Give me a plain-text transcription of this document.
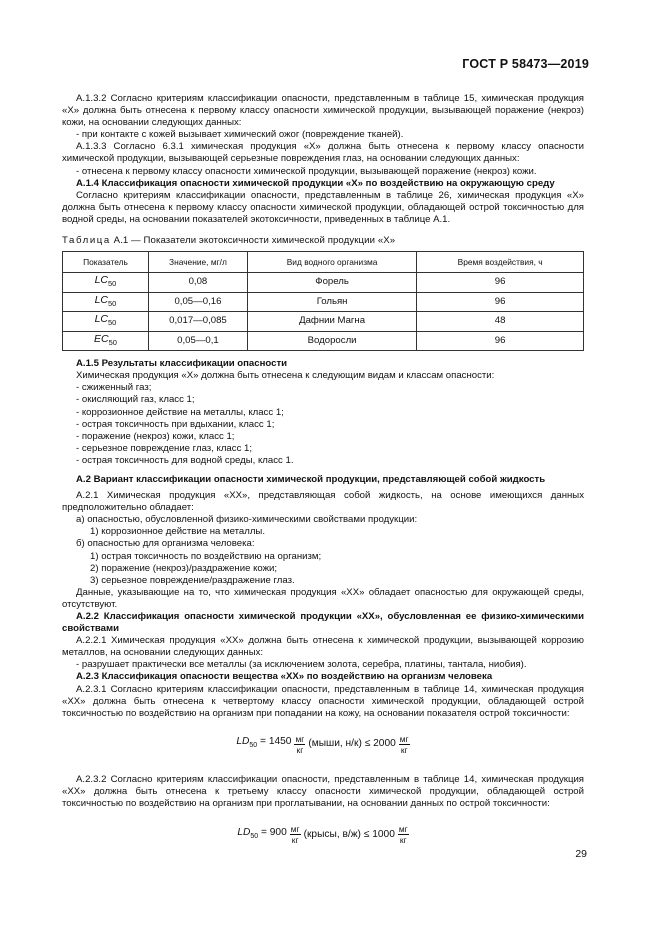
ГОСТ Р 58473—2019

А.1.3.2 Согласно критериям классификации опасности, представленным в таблице 15, химическая продукция «X» должна быть отнесена к первому классу опасности химической продукции, вызывающей поражение (некроз) кожи, на основании следующих данных:

- при контакте с кожей вызывает химический ожог (повреждение тканей).

А.1.3.3 Согласно 6.3.1 химическая продукция «X» должна быть отнесена к первому классу опасности химической продукции, вызывающей серьезные повреждения глаз, на основании следующих данных:

- отнесена к первому классу опасности химической продукции, вызывающей поражение (некроз) кожи.

А.1.4 Классификация опасности химической продукции «X» по воздействию на окружающую среду

Согласно критериям классификации опасности, представленным в таблице 26, химическая продукция «X» должна быть отнесена к первому классу опасности химической продукции, обладающей острой токсичностью для водной среды, на основании показателей экотоксичности, приведенных в таблице А.1.

Таблица А.1 — Показатели экотоксичности химической продукции «X»

Показатель	Значение, мг/л	Вид водного организма	Время воздействия, ч
$LC_{50}$	0,08	Форель	96
$LC_{50}$	0,05—0,16	Гольян	96
$LC_{50}$	0,017—0,085	Дафнии Магна	48
$EC_{50}$	0,05—0,1	Водоросли	96

А.1.5 Результаты классификации опасности

Химическая продукция «X» должна быть отнесена к следующим видам и классам опасности:

- сжиженный газ;

- окисляющий газ, класс 1;

- коррозионное действие на металлы, класс 1;

- острая токсичность при вдыхании, класс 1;

- поражение (некроз) кожи, класс 1;

- серьезное повреждение глаз, класс 1;

- острая токсичность для водной среды, класс 1.

А.2 Вариант классификации опасности химической продукции, представляющей собой жидкость

А.2.1 Химическая продукция «XX», представляющая собой жидкость, на основе имеющихся данных предположительно обладает:

а) опасностью, обусловленной физико-химическими свойствами продукции:

1) коррозионное действие на металлы.

б) опасностью для организма человека:

1) острая токсичность по воздействию на организм;

2) поражение (некроз)/раздражение кожи;

3) серьезное повреждение/раздражение глаз.

Данные, указывающие на то, что химическая продукция «XX» обладает опасностью для окружающей среды, отсутствуют.

А.2.2 Классификация опасности химической продукции «XX», обусловленная ее физико-химическими свойствами

А.2.2.1 Химическая продукция «XX» должна быть отнесена к химической продукции, вызывающей коррозию металлов, на основании следующих данных:

- разрушает практически все металлы (за исключением золота, серебра, платины, тантала, ниобия).

А.2.3 Классификация опасности вещества «XX» по воздействию на организм человека

А.2.3.1 Согласно критериям классификации опасности, представленным в таблице 14, химическая продукция «XX» должна быть отнесена к четвертому классу опасности химической продукции, обладающей острой токсичностью по воздействию на организм при попадании на кожу, на основании показателя острой токсичности:

$LD_{50} = 1450 \frac{мг}{кг}$ (мыши, $н/к) \le 2000 \frac{мг}{кг}$

А.2.3.2 Согласно критериям классификации опасности, представленным в таблице 14, химическая продукция «XX» должна быть отнесена к третьему классу опасности химической продукции, обладающей острой токсичностью по воздействию на организм при проглатывании, на основании данных по острой токсичности:

$LD_{50} = 900 \frac{мг}{кг}$ (крысы, $в/ж) \le 1000 \frac{мг}{кг}$
29
